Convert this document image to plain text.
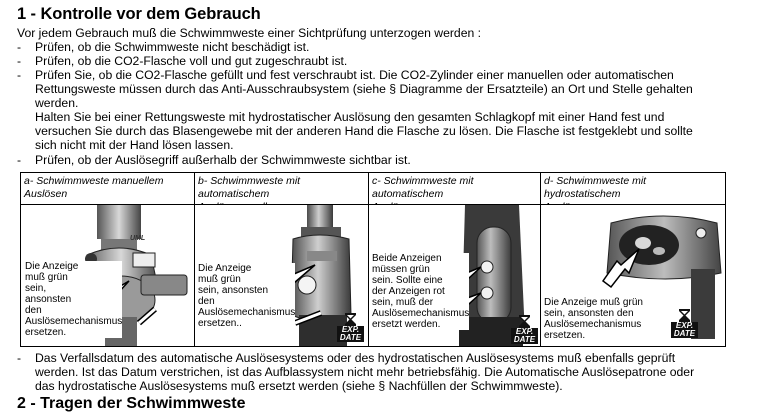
1 - Kontrolle vor dem Gebrauch
Vor jedem Gebrauch muß die Schwimmweste einer Sichtprüfung unterzogen werden :
- Prüfen, ob die Schwimmweste nicht beschädigt ist.
- Prüfen, ob die CO2-Flasche voll und gut zugeschraubt ist.
- Prüfen Sie, ob die CO2-Flasche gefüllt und fest verschraubt ist. Die CO2-Zylinder einer manuellen oder automatischen
Rettungsweste müssen durch das Anti-Ausschraubsystem (siehe § Diagramme der Ersatzteile) an Ort und Stelle gehalten
werden.
Halten Sie bei einer Rettungsweste mit hydrostatischer Auslösung den gesamten Schlagkopf mit einer Hand fest und
versuchen Sie durch das Blasengewebe mit der anderen Hand die Flasche zu lösen. Die Flasche ist festgeklebt und sollte
sich nicht mit der Hand lösen lassen.
- Prüfen, ob der Auslösegriff außerhalb der Schwimmweste sichtbar ist.
a- Schwimmweste manuellem
Auslösen
UML
Die Anzeige
muß grün
sein,
ansonsten
den
Auslösemechanismus
ersetzen.
b- Schwimmweste mit automatischem
Die Anzeige
muß grün
sein, ansonsten
den
Auslösemechanismus
ersetzen..
EXP.
DATE
c- Schwimmweste mit automatischem
Beide Anzeigen
müssen grün
sein. Sollte eine
der Anzeigen rot
sein, muß der
Auslösemechanismus
ersetzt werden.
EXP.
DATE
d- Schwimmweste mit hydrostatischem
Die Anzeige muß grün
sein, ansonsten den
Auslösemechanismus
ersetzen.
EXP.
DATE
- Das Verfallsdatum des automatische Auslösesystems oder des hydrostatischen Auslösesystems muß ebenfalls geprüft
werden. Ist das Datum verstrichen, ist das Aufblassystem nicht mehr betriebsfähig. Die Automatische Auslösepatrone oder
das hydrostatische Auslösesystems muß ersetzt werden (siehe § Nachfüllen der Schwimmweste).
2 - Tragen der Schwimmweste
